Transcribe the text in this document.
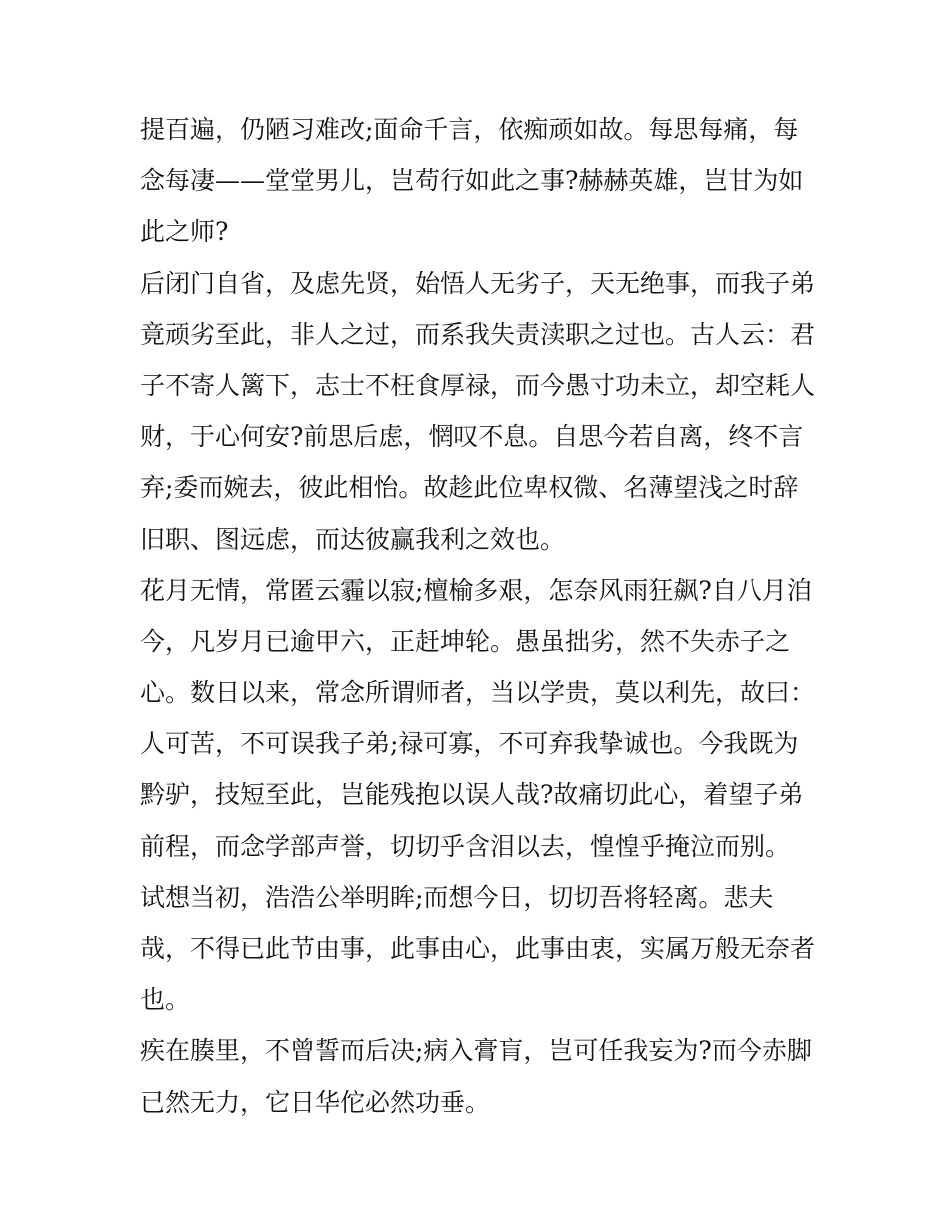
提百遍，仍陋习难改;面命千言，依痴顽如故。每思每痛，每
念每凄——堂堂男儿，岂苟行如此之事?赫赫英雄，岂甘为如
此之师?
后闭门自省，及虑先贤，始悟人无劣子，天无绝事，而我子弟
竟顽劣至此，非人之过，而系我失责渎职之过也。古人云：君
子不寄人篱下，志士不枉食厚禄，而今愚寸功未立，却空耗人
财，于心何安?前思后虑，惘叹不息。自思今若自离，终不言
弃;委而婉去，彼此相怡。故趁此位卑权微、名薄望浅之时辞
旧职、图远虑，而达彼赢我利之效也。
花月无情，常匿云霾以寂;檀榆多艰，怎奈风雨狂飙?自八月洎
今，凡岁月已逾甲六，正赶坤轮。愚虽拙劣，然不失赤子之
心。数日以来，常念所谓师者，当以学贵，莫以利先，故曰：
人可苦，不可误我子弟;禄可寡，不可弃我挚诚也。今我既为
黔驴，技短至此，岂能残抱以误人哉?故痛切此心，着望子弟
前程，而念学部声誉，切切乎含泪以去，惶惶乎掩泣而别。
试想当初，浩浩公举明眸;而想今日，切切吾将轻离。悲夫
哉，不得已此节由事，此事由心，此事由衷，实属万般无奈者
也。
疾在腠里，不曾誓而后决;病入膏肓，岂可任我妄为?而今赤脚
已然无力，它日华佗必然功垂。
